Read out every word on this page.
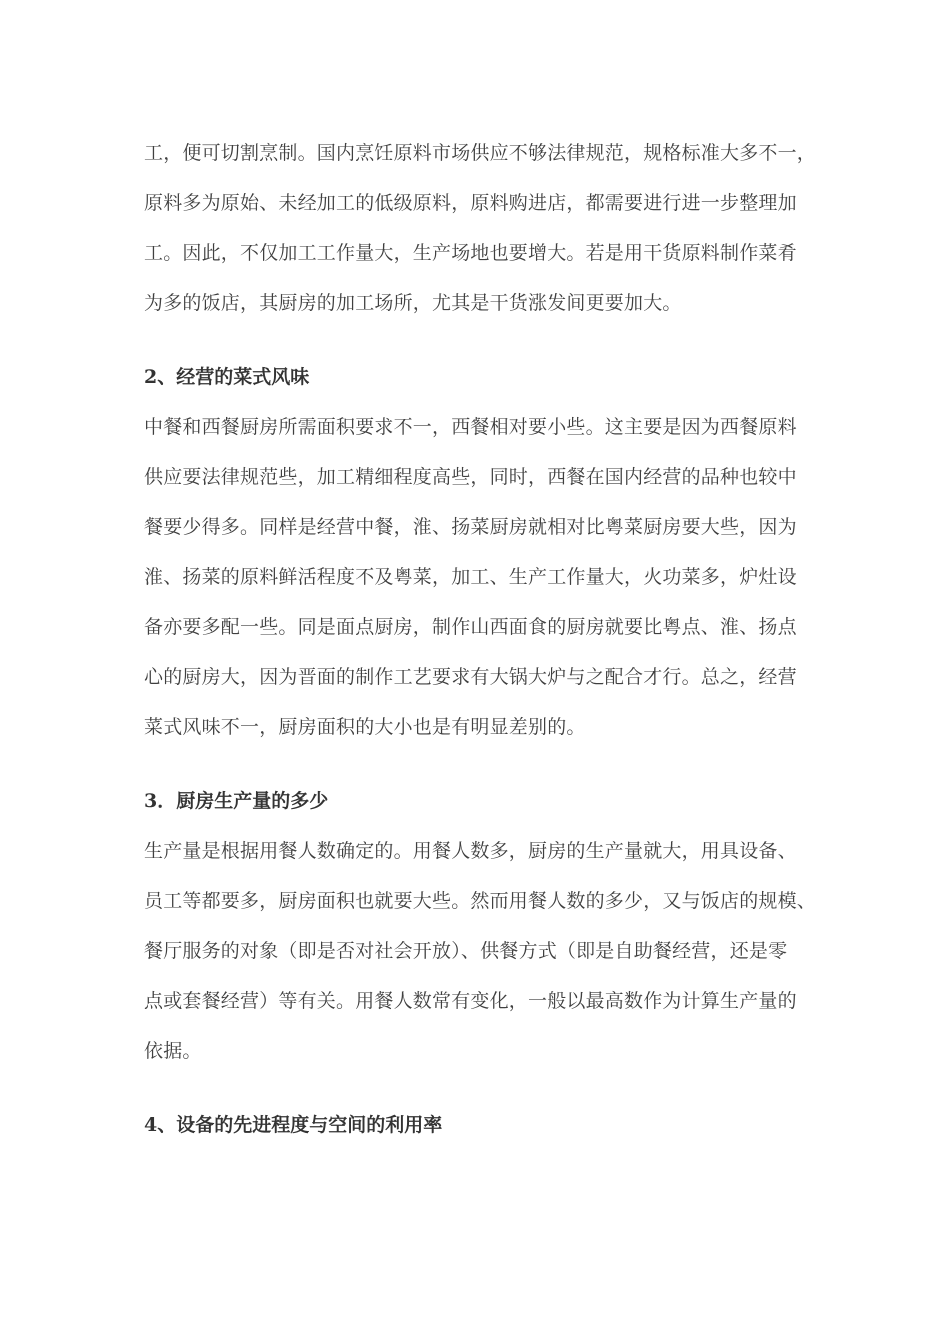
工，便可切割烹制。国内烹饪原料市场供应不够法律规范，规格标准大多不一，
原料多为原始、未经加工的低级原料，原料购进店，都需要进行进一步整理加
工。因此，不仅加工工作量大，生产场地也要增大。若是用干货原料制作菜肴
为多的饭店，其厨房的加工场所，尤其是干货涨发间更要加大。

2、经营的菜式风味

中餐和西餐厨房所需面积要求不一，西餐相对要小些。这主要是因为西餐原料
供应要法律规范些，加工精细程度高些，同时，西餐在国内经营的品种也较中
餐要少得多。同样是经营中餐，淮、扬菜厨房就相对比粤菜厨房要大些，因为
淮、扬菜的原料鲜活程度不及粤菜，加工、生产工作量大，火功菜多，炉灶设
备亦要多配一些。同是面点厨房，制作山西面食的厨房就要比粤点、淮、扬点
心的厨房大，因为晋面的制作工艺要求有大锅大炉与之配合才行。总之，经营
菜式风味不一，厨房面积的大小也是有明显差别的。

3．厨房生产量的多少

生产量是根据用餐人数确定的。用餐人数多，厨房的生产量就大，用具设备、
员工等都要多，厨房面积也就要大些。然而用餐人数的多少，又与饭店的规模、
餐厅服务的对象（即是否对社会开放）、供餐方式（即是自助餐经营，还是零
点或套餐经营）等有关。用餐人数常有变化，一般以最高数作为计算生产量的
依据。

4、设备的先进程度与空间的利用率
